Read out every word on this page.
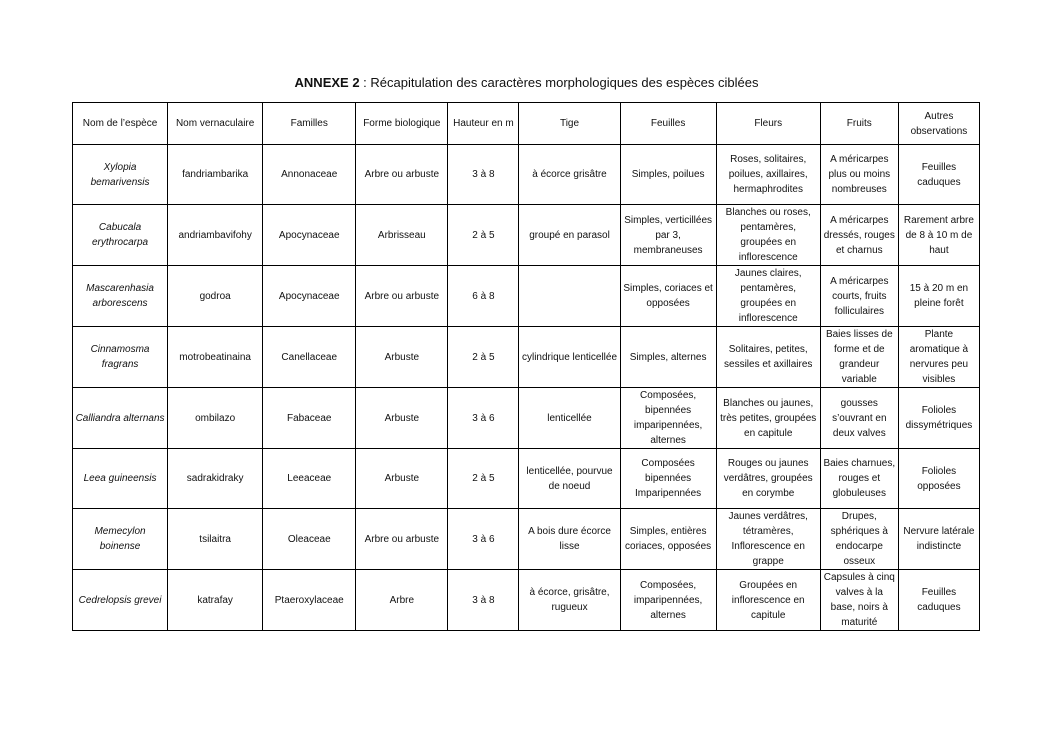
ANNEXE 2 : Récapitulation des caractères morphologiques des espèces ciblées
Nom de l’espèce	Nom vernaculaire	Familles	Forme biologique	Hauteur en m	Tige	Feuilles	Fleurs	Fruits	Autres observations
Xylopia bemarivensis	fandriambarika	Annonaceae	Arbre ou arbuste	3 à 8	à écorce grisâtre	Simples, poilues	Roses, solitaires, poilues, axillaires, hermaphrodites	A méricarpes plus ou moins nombreuses	Feuilles caduques
Cabucala erythrocarpa	andriambavifohy	Apocynaceae	Arbrisseau	2 à 5	groupé en parasol	Simples, verticillées par 3, membraneuses	Blanches ou roses, pentamères, groupées en inflorescence	A méricarpes dressés, rouges et charnus	Rarement arbre de 8 à 10 m de haut
Mascarenhasia arborescens	godroa	Apocynaceae	Arbre ou arbuste	6 à 8		Simples, coriaces et opposées	Jaunes claires, pentamères, groupées en inflorescence	A méricarpes courts, fruits folliculaires	15 à 20 m en pleine forêt
Cinnamosma fragrans	motrobeatinaina	Canellaceae	Arbuste	2 à 5	cylindrique lenticellée	Simples, alternes	Solitaires, petites, sessiles et axillaires	Baies lisses de forme et de grandeur variable	Plante aromatique à nervures peu visibles
Calliandra alternans	ombilazo	Fabaceae	Arbuste	3 à 6	lenticellée	Composées, bipennées imparipennées, alternes	Blanches ou jaunes, très petites, groupées en capitule	gousses s’ouvrant en deux valves	Folioles dissymétriques
Leea guineensis	sadrakidraky	Leeaceae	Arbuste	2 à 5	lenticellée, pourvue de noeud	Composées bipennées Imparipennées	Rouges ou jaunes verdâtres, groupées en corymbe	Baies charnues, rouges et globuleuses	Folioles opposées
Memecylon boinense	tsilaitra	Oleaceae	Arbre ou arbuste	3 à 6	A bois dure écorce lisse	Simples, entières coriaces, opposées	Jaunes verdâtres, tétramères, Inflorescence en grappe	Drupes, sphériques à endocarpe osseux	Nervure latérale indistincte
Cedrelopsis grevei	katrafay	Ptaeroxylaceae	Arbre	3 à 8	à écorce, grisâtre, rugueux	Composées, imparipennées, alternes	Groupées en inflorescence en capitule	Capsules à cinq valves à la base, noirs à maturité	Feuilles caduques
